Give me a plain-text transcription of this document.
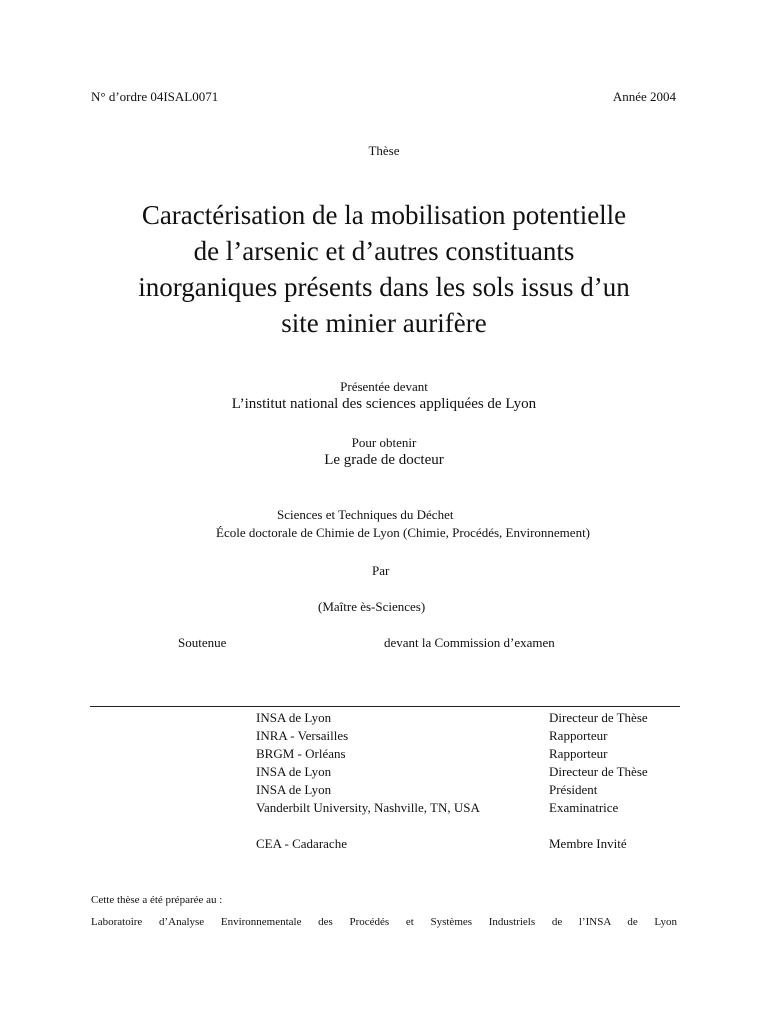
N° d’ordre 04ISAL0071	Année 2004
Thèse
Caractérisation de la mobilisation potentielle
de l’arsenic et d’autres constituants
inorganiques présents dans les sols issus d’un
site minier aurifère
Présentée devant
L’institut national des sciences appliquées de Lyon
Pour obtenir
Le grade de docteur
Sciences et Techniques du Déchet
École doctorale de Chimie de Lyon (Chimie, Procédés, Environnement)
Par
(Maître ès-Sciences)
Soutenue	devant la Commission d’examen
INSA de Lyon	Directeur de Thèse
INRA - Versailles	Rapporteur
BRGM - Orléans	Rapporteur
INSA de Lyon	Directeur de Thèse
INSA de Lyon	Président
Vanderbilt University, Nashville, TN, USA	Examinatrice
CEA - Cadarache	Membre Invité
Cette thèse a été préparée au :
Laboratoire d’Analyse Environnementale des Procédés et Systèmes Industriels de l’INSA de Lyon
